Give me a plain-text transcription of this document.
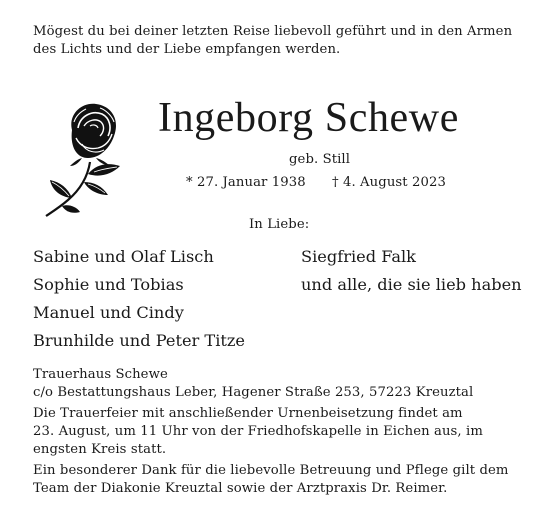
Mögest du bei deiner letzten Reise liebevoll geführt und in den Armen
des Lichts und der Liebe empfangen werden.
Ingeborg Schewe
geb. Still
* 27. Januar 1938 † 4. August 2023
In Liebe:
Sabine und Olaf Lisch
Sophie und Tobias
Manuel und Cindy
Brunhilde und Peter Titze
Siegfried Falk
und alle, die sie lieb haben
Trauerhaus Schewe
c/o Bestattungshaus Leber, Hagener Straße 253, 57223 Kreuztal
Die Trauerfeier mit anschließender Urnenbeisetzung findet am
23. August, um 11 Uhr von der Friedhofskapelle in Eichen aus, im
engsten Kreis statt.
Ein besonderer Dank für die liebevolle Betreuung und Pflege gilt dem
Team der Diakonie Kreuztal sowie der Arztpraxis Dr. Reimer.
